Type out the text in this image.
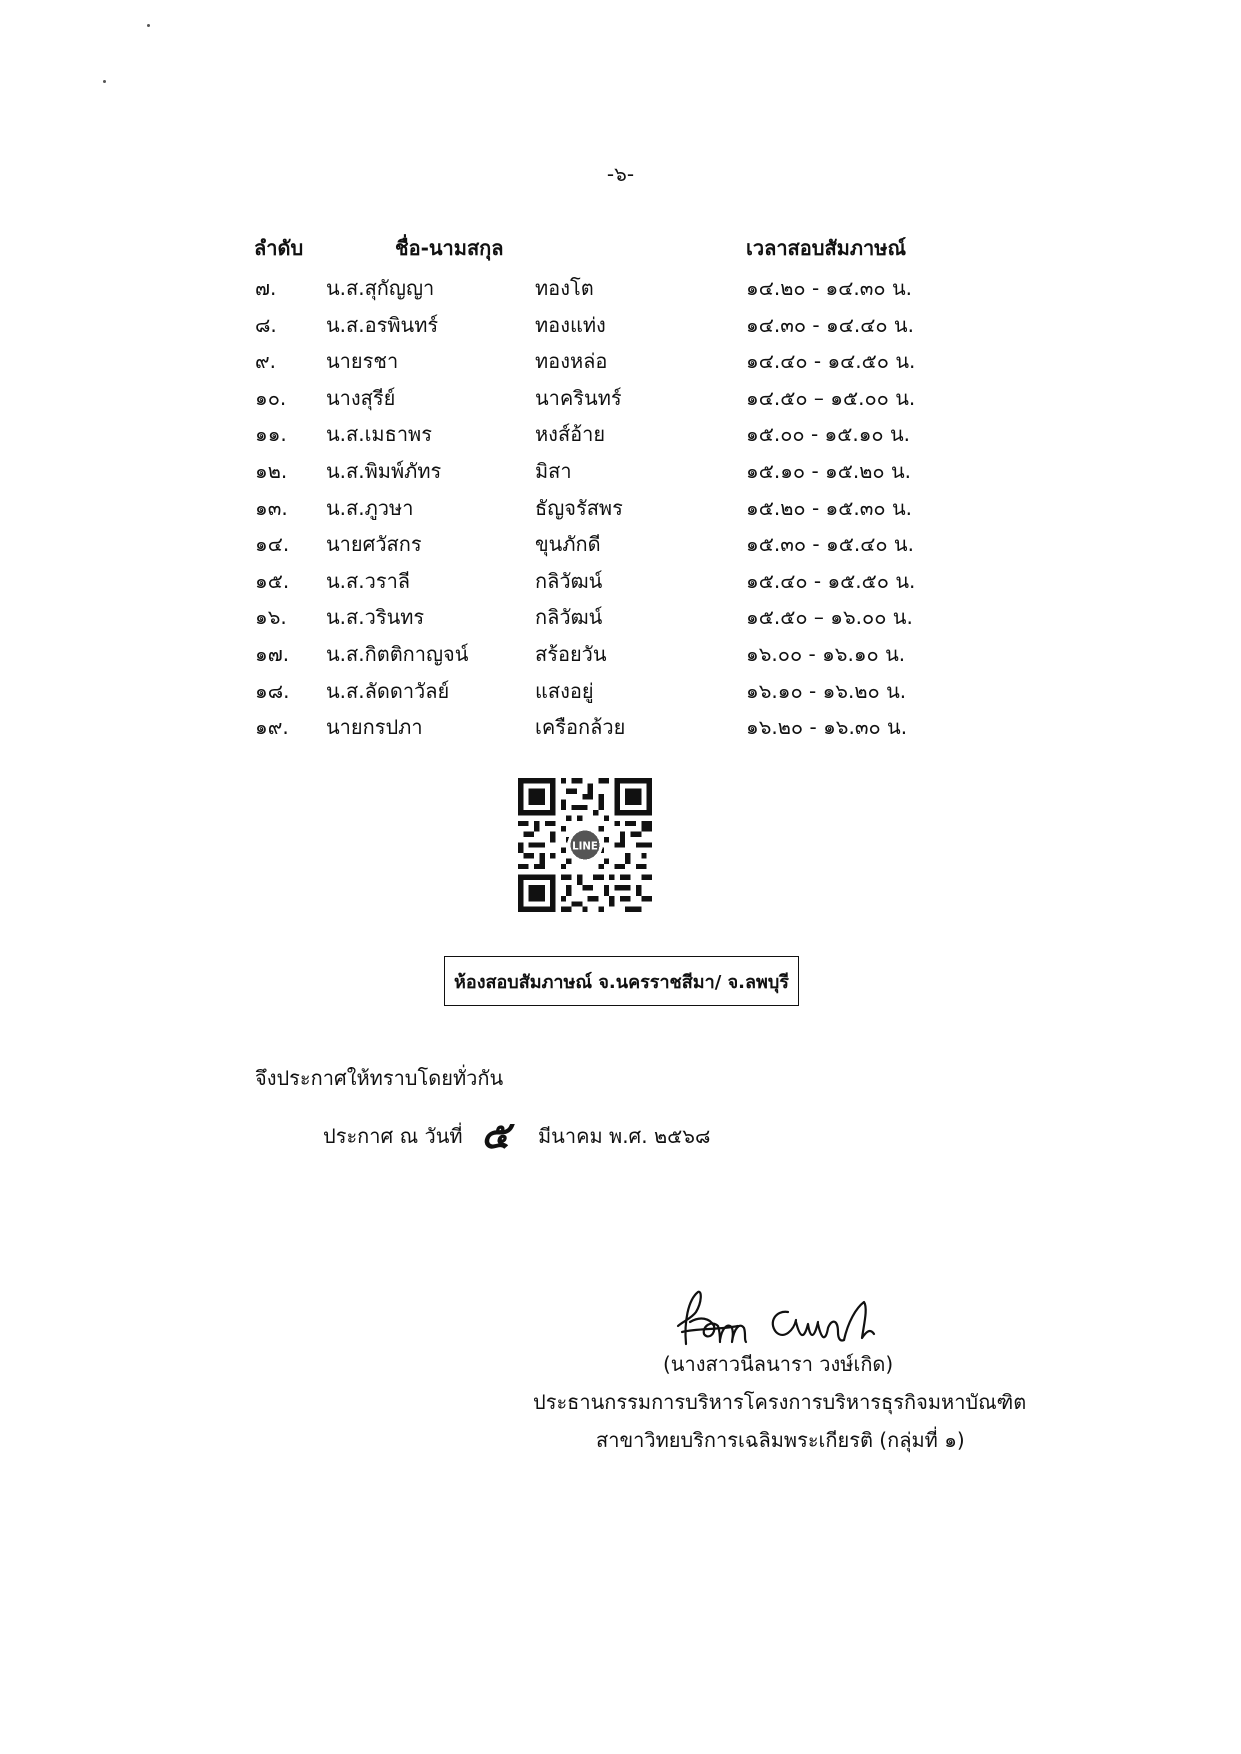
-๖-
ลำดับ	ชื่อ-นามสกุล	เวลาสอบสัมภาษณ์
๗. น.ส.สุกัญญา	ทองโต	๑๔.๒๐ - ๑๔.๓๐ น.
๘. น.ส.อรพินทร์	ทองแท่ง	๑๔.๓๐ - ๑๔.๔๐ น.
๙. นายรชา	ทองหล่อ	๑๔.๔๐ - ๑๔.๕๐ น.
๑๐. นางสุรีย์	นาครินทร์	๑๔.๕๐ – ๑๕.๐๐ น.
๑๑. น.ส.เมธาพร	หงส์อ้าย	๑๕.๐๐ - ๑๕.๑๐ น.
๑๒. น.ส.พิมพ์ภัทร	มิสา	๑๕.๑๐ - ๑๕.๒๐ น.
๑๓. น.ส.ภูวษา	ธัญจรัสพร	๑๕.๒๐ - ๑๕.๓๐ น.
๑๔. นายศวัสกร	ขุนภักดี	๑๕.๓๐ - ๑๕.๔๐ น.
๑๕. น.ส.วราลี	กลิวัฒน์	๑๕.๔๐ - ๑๕.๕๐ น.
๑๖. น.ส.วรินทร	กลิวัฒน์	๑๕.๕๐ – ๑๖.๐๐ น.
๑๗. น.ส.กิตติกาญจน์	สร้อยวัน	๑๖.๐๐ - ๑๖.๑๐ น.
๑๘. น.ส.ลัดดาวัลย์	แสงอยู่	๑๖.๑๐ - ๑๖.๒๐ น.
๑๙. นายกรปภา	เครือกล้วย	๑๖.๒๐ - ๑๖.๓๐ น.
LINE
ห้องสอบสัมภาษณ์ จ.นครราชสีมา/ จ.ลพบุรี
จึงประกาศให้ทราบโดยทั่วกัน
ประกาศ ณ วันที่ ๕ มีนาคม พ.ศ. ๒๕๖๘
(นางสาวนีลนารา วงษ์เกิด)
ประธานกรรมการบริหารโครงการบริหารธุรกิจมหาบัณฑิต
สาขาวิทยบริการเฉลิมพระเกียรติ (กลุ่มที่ ๑)
